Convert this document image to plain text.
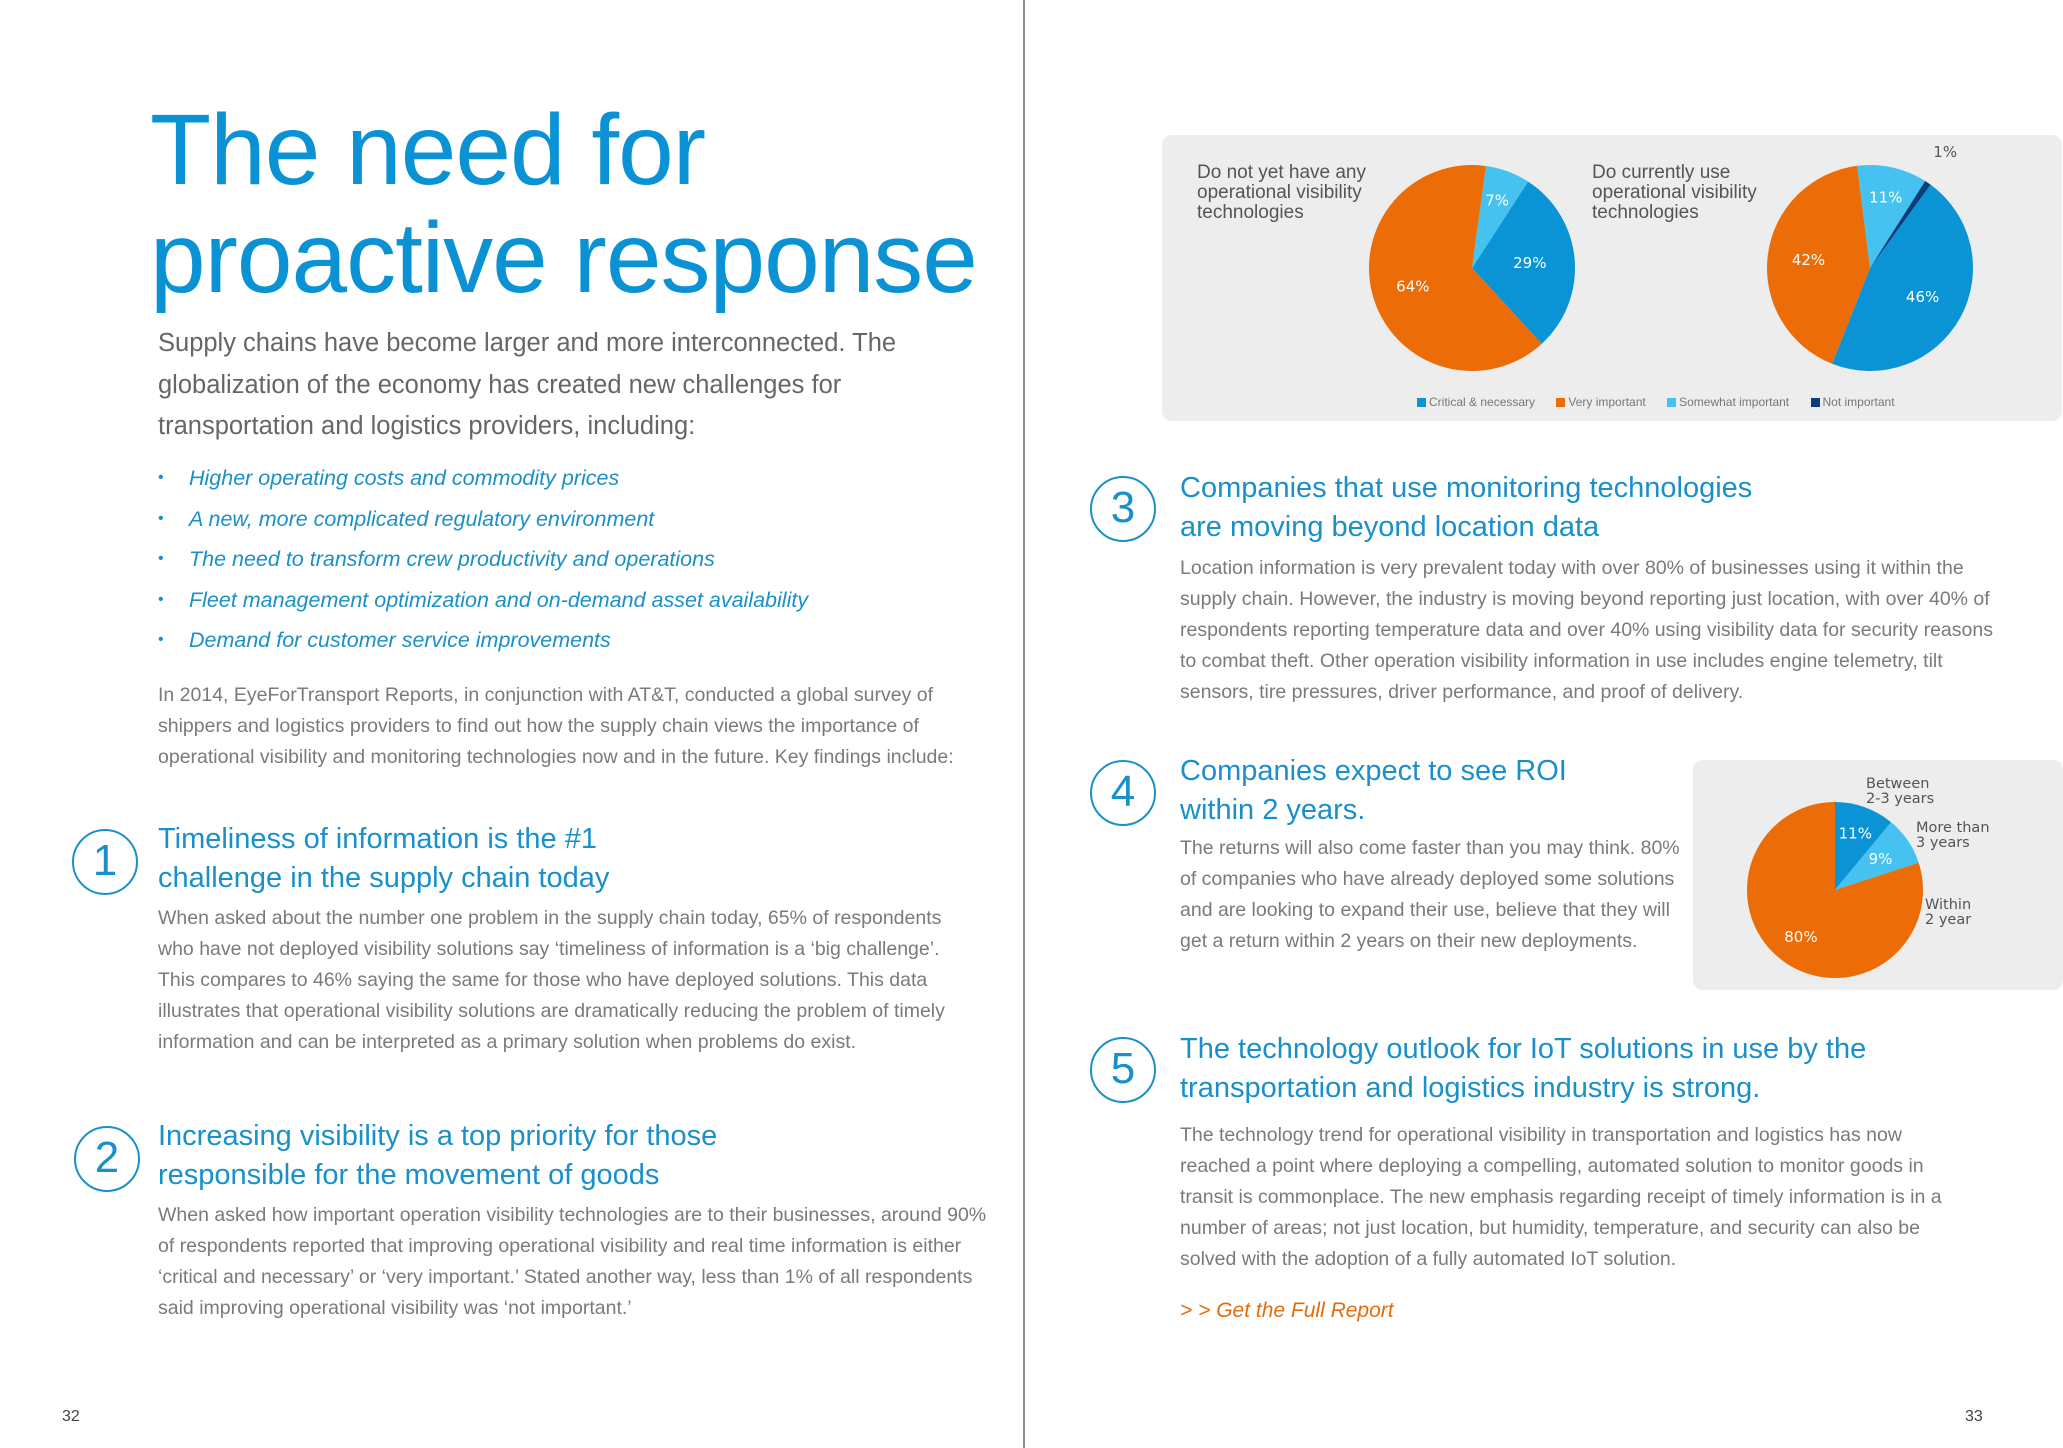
The need for
proactive response

Supply chains have become larger and more interconnected. The globalization of the economy has created new challenges for transportation and logistics providers, including:

• Higher operating costs and commodity prices
• A new, more complicated regulatory environment
• The need to transform crew productivity and operations
• Fleet management optimization and on-demand asset availability
• Demand for customer service improvements

In 2014, EyeForTransport Reports, in conjunction with AT&T, conducted a global survey of shippers and logistics providers to find out how the supply chain views the importance of operational visibility and monitoring technologies now and in the future. Key findings include:

1	Timeliness of information is the #1 challenge in the supply chain today

When asked about the number one problem in the supply chain today, 65% of respondents who have not deployed visibility solutions say ‘timeliness of information is a ‘big challenge’. This compares to 46% saying the same for those who have deployed solutions. This data illustrates that operational visibility solutions are dramatically reducing the problem of timely information and can be interpreted as a primary solution when problems do exist.

2	Increasing visibility is a top priority for those responsible for the movement of goods

When asked how important operation visibility technologies are to their businesses, around 90% of respondents reported that improving operational visibility and real time information is either ‘critical and necessary’ or ‘very important.’ Stated another way, less than 1% of all respondents said improving operational visibility was ‘not important.’

32
Do not yet have any operational visibility technologies
Do currently use operational visibility technologies
29%
64%
7%
46%
42%
11%
1%
Critical & necessary	Very important	Somewhat important	Not important
3	Companies that use monitoring technologies are moving beyond location data

Location information is very prevalent today with over 80% of businesses using it within the supply chain. However, the industry is moving beyond reporting just location, with over 40% of respondents reporting temperature data and over 40% using visibility data for security reasons to combat theft. Other operation visibility information in use includes engine telemetry, tilt sensors, tire pressures, driver performance, and proof of delivery.

4	Companies expect to see ROI within 2 years.

The returns will also come faster than you may think. 80% of companies who have already deployed some solutions and are looking to expand their use, believe that they will get a return within 2 years on their new deployments.

11%
9%
80%
Between
2-3 years
More than
3 years
Within
2 year
5	The technology outlook for IoT solutions in use by the transportation and logistics industry is strong.

The technology trend for operational visibility in transportation and logistics has now reached a point where deploying a compelling, automated solution to monitor goods in transit is commonplace. The new emphasis regarding receipt of timely information is in a number of areas; not just location, but humidity, temperature, and security can also be solved with the adoption of a fully automated IoT solution.

> > Get the Full Report
33
